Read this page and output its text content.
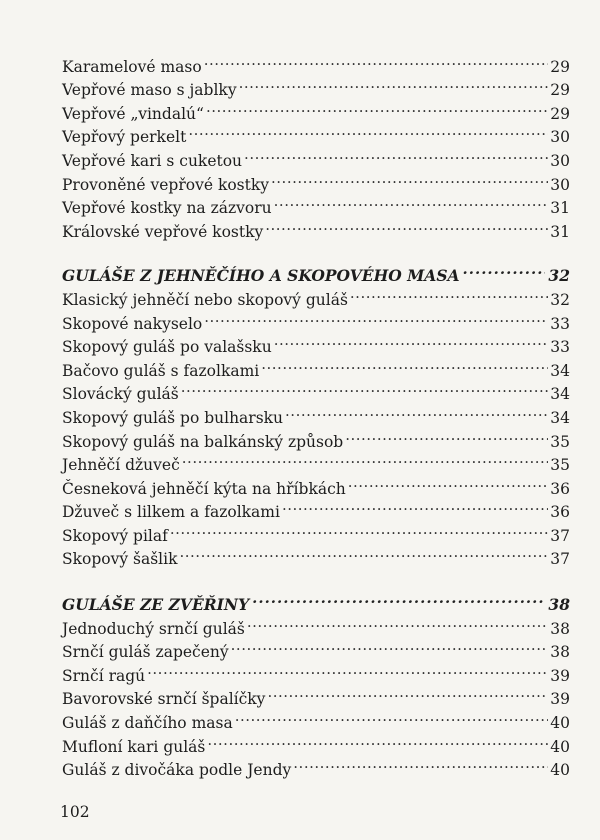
Karamelové maso .....	29
Vepřové maso s jablky .....	29
Vepřové „vindalú“ .....	29
Vepřový perkelt .....	30
Vepřové kari s cuketou .....	30
Provoněné vepřové kostky .....	30
Vepřové kostky na zázvoru .....	31
Královské vepřové kostky .....	31
GULÁŠE Z JEHNĚČÍHO A SKOPOVÉHO MASA .....	32
Klasický jehněčí nebo skopový guláš .....	32
Skopové nakyselo .....	33
Skopový guláš po valašsku .....	33
Bačovo guláš s fazolkami .....	34
Slovácký guláš .....	34
Skopový guláš po bulharsku .....	34
Skopový guláš na balkánský způsob .....	35
Jehněčí džuveč .....	35
Česneková jehněčí kýta na hříbkách .....	36
Džuveč s lilkem a fazolkami .....	36
Skopový pilaf .....	37
Skopový šašlik .....	37
GULÁŠE ZE ZVĚŘINY .....	38
Jednoduchý srnčí guláš .....	38
Srnčí guláš zapečený .....	38
Srnčí ragú .....	39
Bavorovské srnčí špalíčky .....	39
Guláš z daňčího masa .....	40
Mufloní kari guláš .....	40
Guláš z divočáka podle Jendy .....	40
102
